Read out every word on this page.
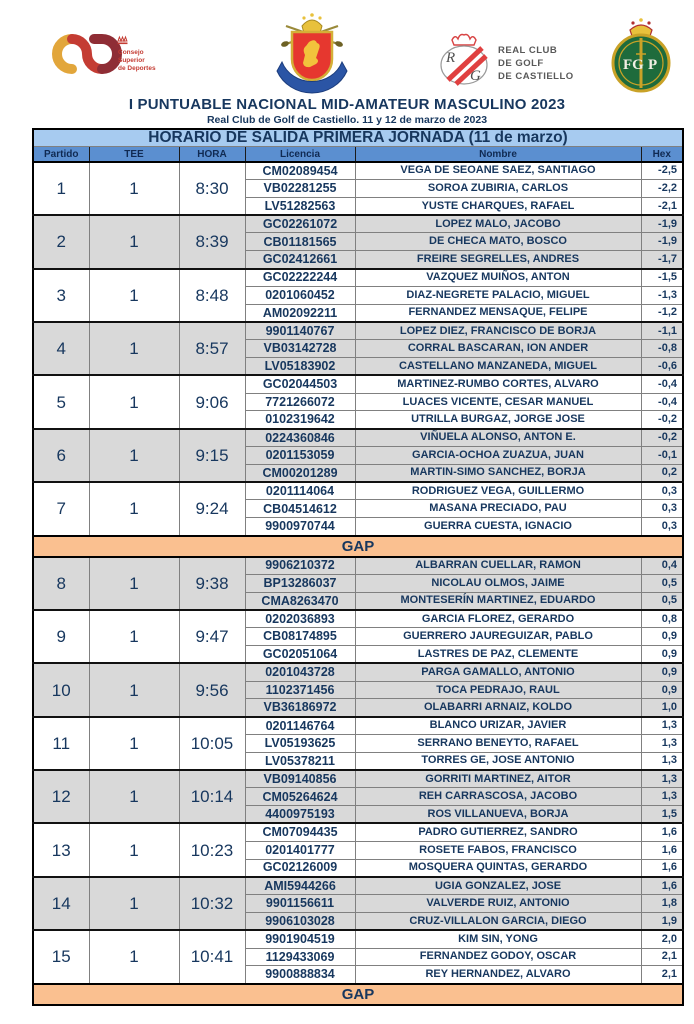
Consejo
Superior
de Deportes
R
G
REAL CLUB
DE GOLF
DE CASTIELLO
FG P
I PUNTUABLE NACIONAL MID-AMATEUR MASCULINO 2023
Real Club de Golf de Castiello. 11 y 12 de marzo de 2023
HORARIO DE SALIDA PRIMERA JORNADA (11 de marzo)					
Partido	TEE	HORA	Licencia	Nombre	Hex
1	1	8:30	CM02089454	VEGA DE SEOANE SAEZ, SANTIAGO	-2,5
			VB02281255	SOROA ZUBIRIA, CARLOS	-2,2
			LV51282563	YUSTE CHARQUES, RAFAEL	-2,1
2	1	8:39	GC02261072	LOPEZ MALO, JACOBO	-1,9
			CB01181565	DE CHECA MATO, BOSCO	-1,9
			GC02412661	FREIRE SEGRELLES, ANDRES	-1,7
3	1	8:48	GC02222244	VAZQUEZ MUIÑOS, ANTON	-1,5
			0201060452	DIAZ-NEGRETE PALACIO, MIGUEL	-1,3
			AM02092211	FERNANDEZ MENSAQUE, FELIPE	-1,2
4	1	8:57	9901140767	LOPEZ DIEZ, FRANCISCO DE BORJA	-1,1
			VB03142728	CORRAL BASCARAN, ION ANDER	-0,8
			LV05183902	CASTELLANO MANZANEDA, MIGUEL	-0,6
5	1	9:06	GC02044503	MARTINEZ-RUMBO CORTES, ALVARO	-0,4
			7721266072	LUACES VICENTE, CESAR MANUEL	-0,4
			0102319642	UTRILLA BURGAZ, JORGE JOSE	-0,2
6	1	9:15	0224360846	VIÑUELA ALONSO, ANTON E.	-0,2
			0201153059	GARCIA-OCHOA ZUAZUA, JUAN	-0,1
			CM00201289	MARTIN-SIMO SANCHEZ, BORJA	0,2
7	1	9:24	0201114064	RODRIGUEZ VEGA, GUILLERMO	0,3
			CB04514612	MASANA PRECIADO, PAU	0,3
			9900970744	GUERRA CUESTA, IGNACIO	0,3
GAP					
8	1	9:38	9906210372	ALBARRAN CUELLAR, RAMON	0,4
			BP13286037	NICOLAU OLMOS, JAIME	0,5
			CMA8263470	MONTESERÍN MARTINEZ, EDUARDO	0,5
9	1	9:47	0202036893	GARCIA FLOREZ, GERARDO	0,8
			CB08174895	GUERRERO JAUREGUIZAR, PABLO	0,9
			GC02051064	LASTRES DE PAZ, CLEMENTE	0,9
10	1	9:56	0201043728	PARGA GAMALLO, ANTONIO	0,9
			1102371456	TOCA PEDRAJO, RAUL	0,9
			VB36186972	OLABARRI ARNAIZ, KOLDO	1,0
11	1	10:05	0201146764	BLANCO URIZAR, JAVIER	1,3
			LV05193625	SERRANO BENEYTO, RAFAEL	1,3
			LV05378211	TORRES GE, JOSE ANTONIO	1,3
12	1	10:14	VB09140856	GORRITI MARTINEZ, AITOR	1,3
			CM05264624	REH CARRASCOSA, JACOBO	1,3
			4400975193	ROS VILLANUEVA, BORJA	1,5
13	1	10:23	CM07094435	PADRO GUTIERREZ, SANDRO	1,6
			0201401777	ROSETE FABOS, FRANCISCO	1,6
			GC02126009	MOSQUERA QUINTAS, GERARDO	1,6
14	1	10:32	AMI5944266	UGIA GONZALEZ, JOSE	1,6
			9901156611	VALVERDE RUIZ, ANTONIO	1,8
			9906103028	CRUZ-VILLALON GARCIA, DIEGO	1,9
15	1	10:41	9901904519	KIM SIN, YONG	2,0
			1129433069	FERNANDEZ GODOY, OSCAR	2,1
			9900888834	REY HERNANDEZ, ALVARO	2,1
GAP					
